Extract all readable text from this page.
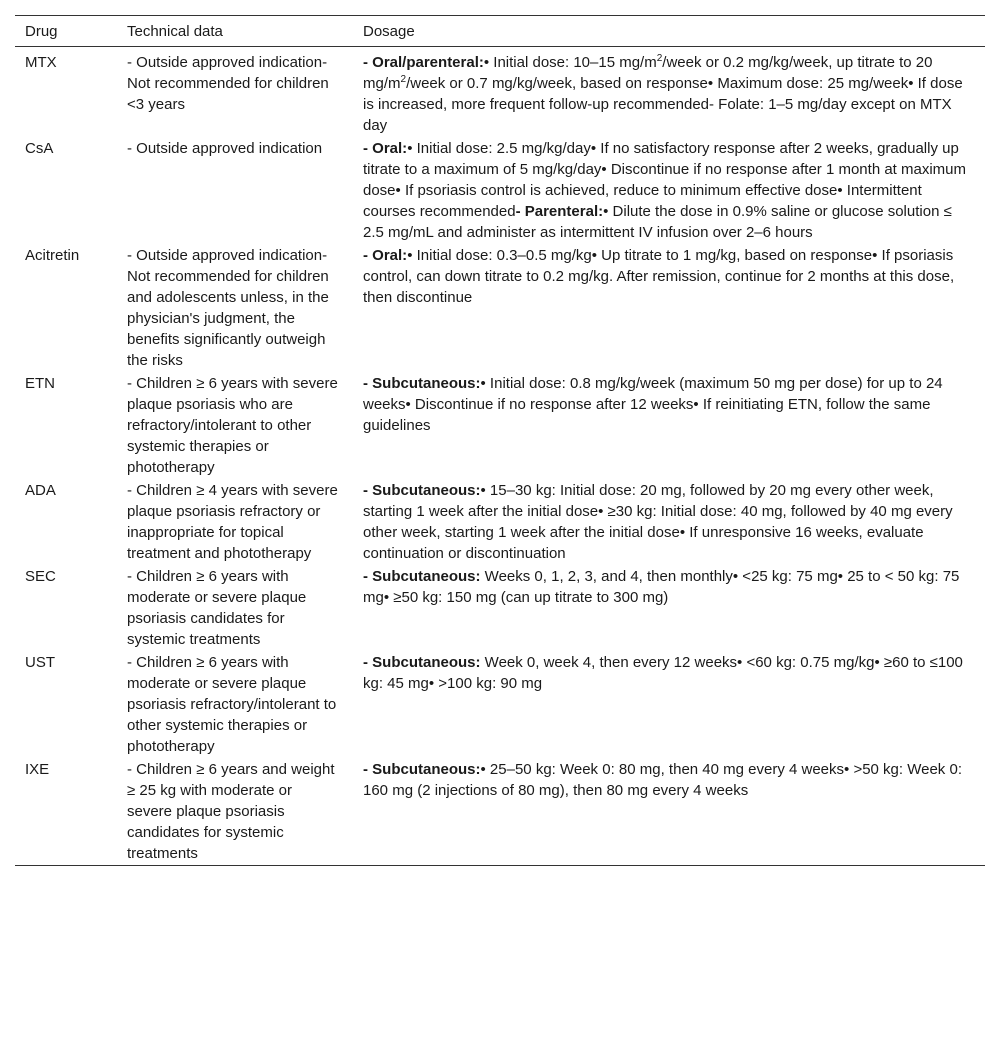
Drug	Technical data	Dosage
MTX	- Outside approved indication- Not recommended for children <3 years	- Oral/parenteral:• Initial dose: 10–15 $mg/m^2$/week or 0.2 mg/kg/week, up titrate to 20 $mg/m^2$/week or 0.7 mg/kg/week, based on response• Maximum dose: 25 mg/week• If dose is increased, more frequent follow-up recommended- Folate: 1–5 mg/day except on MTX day
CsA	- Outside approved indication	- Oral:• Initial dose: 2.5 mg/kg/day• If no satisfactory response after 2 weeks, gradually up titrate to a maximum of 5 mg/kg/day• Discontinue if no response after 1 month at maximum dose• If psoriasis control is achieved, reduce to minimum effective dose• Intermittent courses recommended- Parenteral:• Dilute the dose in 0.9% saline or glucose solution ≤ 2.5 mg/mL and administer as intermittent IV infusion over 2–6 hours
Acitretin	- Outside approved indication- Not recommended for children and adolescents unless, in the physician's judgment, the benefits significantly outweigh the risks	- Oral:• Initial dose: 0.3–0.5 mg/kg• Up titrate to 1 mg/kg, based on response• If psoriasis control, can down titrate to 0.2 mg/kg. After remission, continue for 2 months at this dose, then discontinue
ETN	- Children ≥ 6 years with severe plaque psoriasis who are refractory/intolerant to other systemic therapies or phototherapy	- Subcutaneous:• Initial dose: 0.8 mg/kg/week (maximum 50 mg per dose) for up to 24 weeks• Discontinue if no response after 12 weeks• If reinitiating ETN, follow the same guidelines
ADA	- Children ≥ 4 years with severe plaque psoriasis refractory or inappropriate for topical treatment and phototherapy	- Subcutaneous:• 15–30 kg: Initial dose: 20 mg, followed by 20 mg every other week, starting 1 week after the initial dose• ≥30 kg: Initial dose: 40 mg, followed by 40 mg every other week, starting 1 week after the initial dose• If unresponsive 16 weeks, evaluate continuation or discontinuation
SEC	- Children ≥ 6 years with moderate or severe plaque psoriasis candidates for systemic treatments	- Subcutaneous: Weeks 0, 1, 2, 3, and 4, then monthly• <25 kg: 75 mg• 25 to < 50 kg: 75 mg• ≥50 kg: 150 mg (can up titrate to 300 mg)
UST	- Children ≥ 6 years with moderate or severe plaque psoriasis refractory/intolerant to other systemic therapies or phototherapy	- Subcutaneous: Week 0, week 4, then every 12 weeks• <60 kg: 0.75 mg/kg• ≥60 to ≤100 kg: 45 mg• >100 kg: 90 mg
IXE	- Children ≥ 6 years and weight ≥ 25 kg with moderate or severe plaque psoriasis candidates for systemic treatments	- Subcutaneous:• 25–50 kg: Week 0: 80 mg, then 40 mg every 4 weeks• >50 kg: Week 0: 160 mg (2 injections of 80 mg), then 80 mg every 4 weeks
